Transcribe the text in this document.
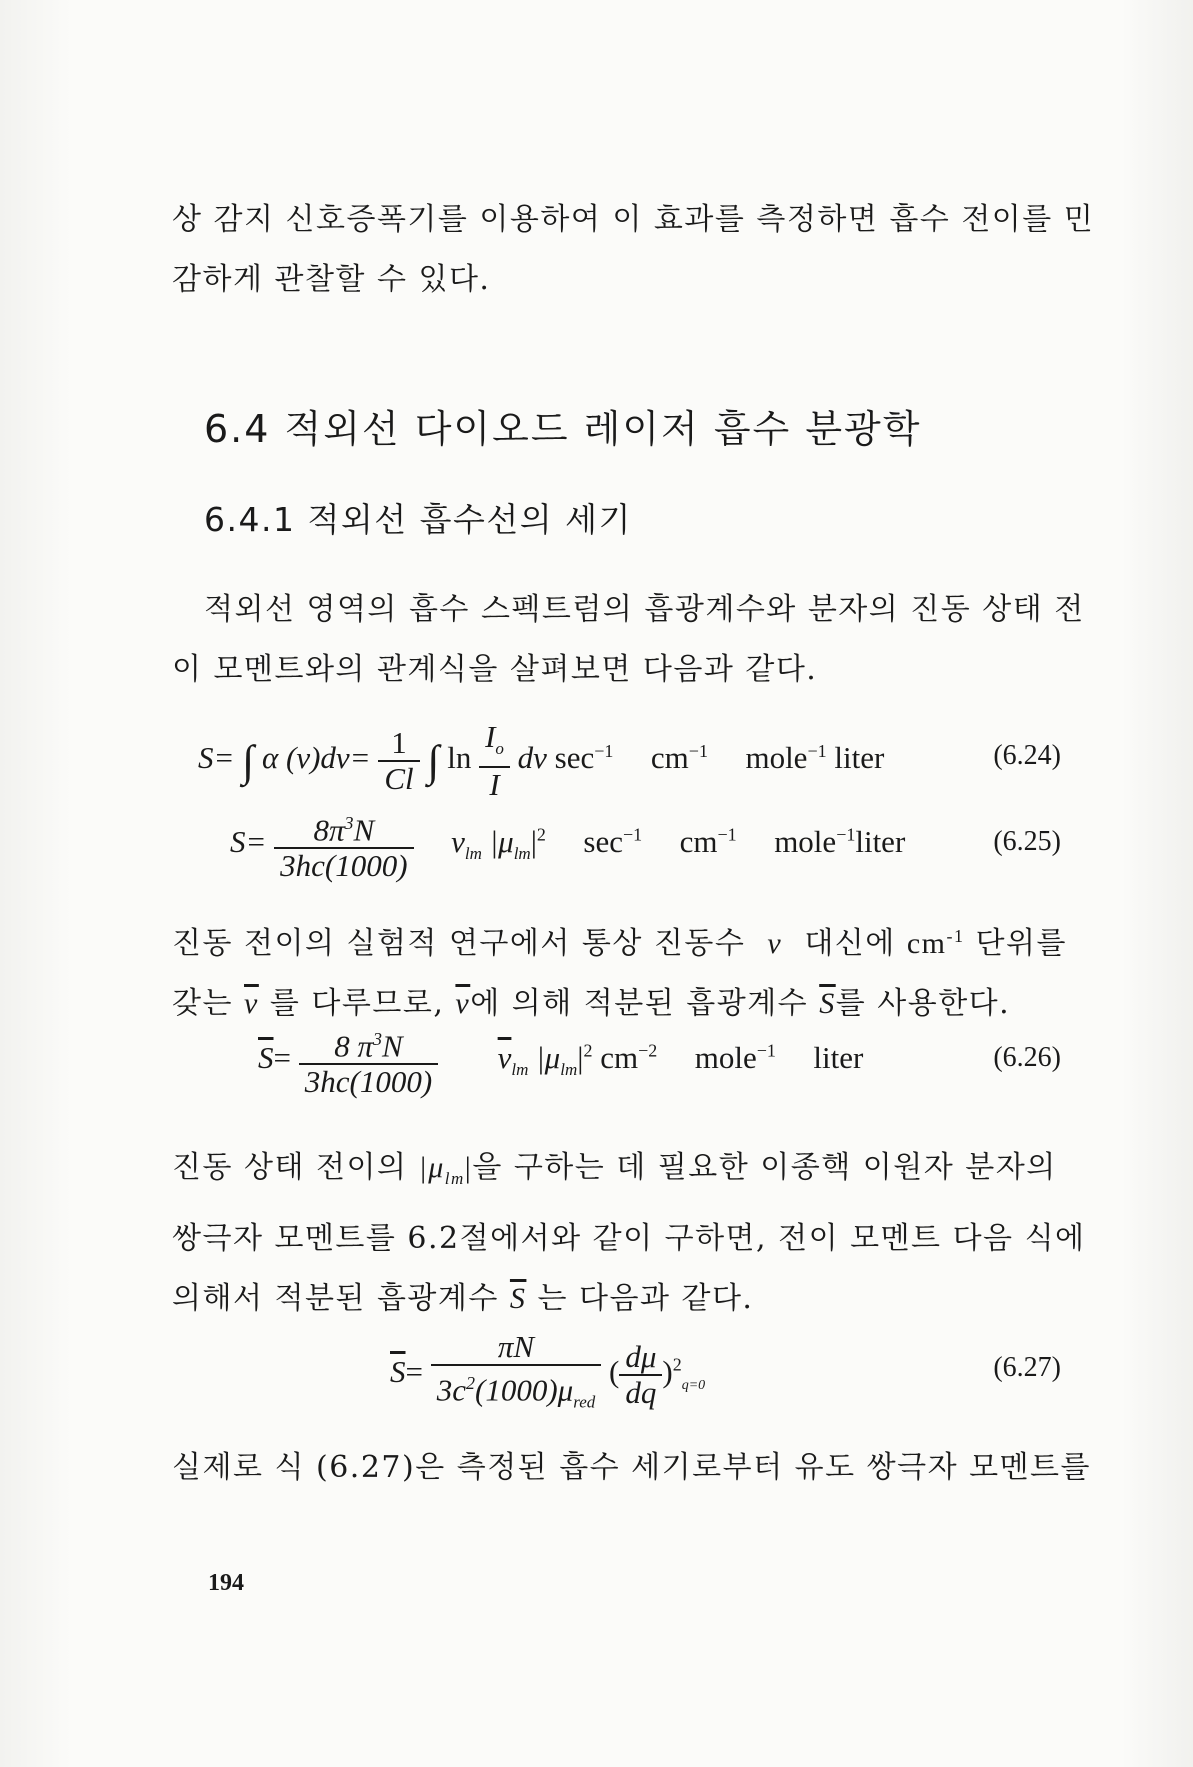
상 감지 신호증폭기를 이용하여 이 효과를 측정하면 흡수 전이를 민
감하게 관찰할 수 있다.
6.4 적외선 다이오드 레이저 흡수 분광학
6.4.1 적외선 흡수선의 세기
적외선 영역의 흡수 스펙트럼의 흡광계수와 분자의 진동 상태 전
이 모멘트와의 관계식을 살펴보면 다음과 같다.
S= ∫ α $(\nu)d\nu= \frac{1}{Cl}$ ∫ $\ln \frac{I_o}{I}$ dν $\sec^{-1} cm^{-1}$ mole$^{-1}$ liter	(6.24)
$S= \frac{8\pi^3N}{3hc(1000)} \nu_{lm}$ $|\mu_{lm}|^2$ $\sec^{-1} cm^{-1}$ mole$^{-1}$liter	(6.25)
진동 전이의 실험적 연구에서 통상 진동수 ν 대신에 $cm^{-1}$ 단위를
갖는 $\overline{\nu}$ 를 다루므로, $\overline{\nu}$에 의해 적분된 흡광계수 $\overline{S}$를 사용한다.
$\overline{S}= \frac{8 \pi^3N}{3hc(1000)} \overline{\nu}_{lm}$ $|\mu_{lm}|^2$ $cm^{-2}$ mole$^{-1}$ liter	(6.26)
진동 상태 전이의 $|\mu_{lm}|$을 구하는 데 필요한 이종핵 이원자 분자의
쌍극자 모멘트를 6.2절에서와 같이 구하면, 전이 모멘트 다음 식에
의해서 적분된 흡광계수 $\overline{S}$ 는 다음과 같다.
$\overline{S}= \frac{\pi N}{3c^2(1000)\mu_{red}}$ ( $\frac{d\mu}{dq} )^2_{q=0}$
(6.27)
실제로 식 (6.27)은 측정된 흡수 세기로부터 유도 쌍극자 모멘트를
194
